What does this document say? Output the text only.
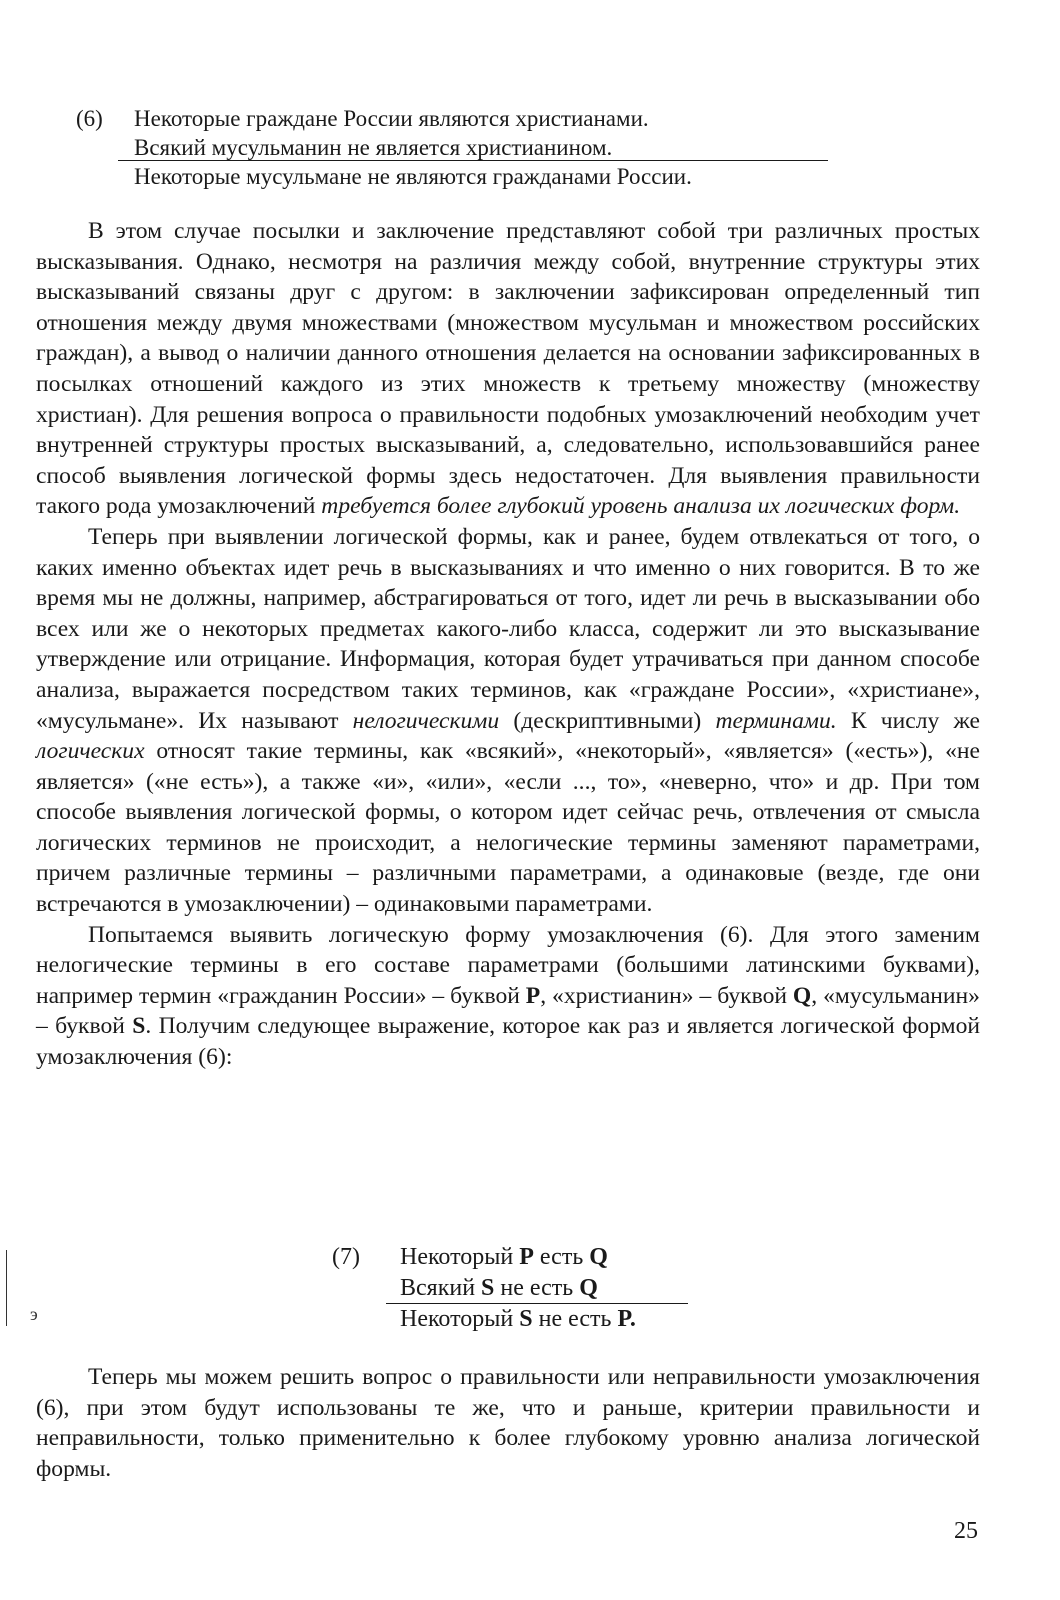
(6) Некоторые граждане России являются христианами.
Всякий мусульманин не является христианином.
Некоторые мусульмане не являются гражданами России.

В этом случае посылки и заключение представляют собой три различных простых высказывания. Однако, несмотря на различия между собой, внутренние структуры этих высказываний связаны друг с другом: в заключении зафиксирован определенный тип отношения между двумя множествами (множеством мусульман и множеством российских граждан), а вывод о наличии данного отношения делается на основании зафиксированных в посылках отношений каждого из этих множеств к третьему множеству (множеству христиан). Для решения вопроса о правильности подобных умозаключений необходим учет внутренней структуры простых высказываний, а, следовательно, использовавшийся ранее способ выявления логической формы здесь недостаточен. Для выявления правильности такого рода умозаключений требуется более глубокий уровень анализа их логических форм.

Теперь при выявлении логической формы, как и ранее, будем отвлекаться от того, о каких именно объектах идет речь в высказываниях и что именно о них говорится. В то же время мы не должны, например, абстрагироваться от того, идет ли речь в высказывании обо всех или же о некоторых предметах какого-либо класса, содержит ли это высказывание утверждение или отрицание. Информация, которая будет утрачиваться при данном способе анализа, выражается посредством таких терминов, как «граждане России», «христиане», «мусульмане». Их называют нелогическими (дескриптивными) терминами. К числу же логических относят такие термины, как «всякий», «некоторый», «является» («есть»), «не является» («не есть»), а также «и», «или», «если ..., то», «неверно, что» и др. При том способе выявления логической формы, о котором идет сейчас речь, отвлечения от смысла логических терминов не происходит, а нелогические термины заменяют параметрами, причем различные термины – различными параметрами, а одинаковые (везде, где они встречаются в умозаключении) – одинаковыми параметрами.

Попытаемся выявить логическую форму умозаключения (6). Для этого заменим нелогические термины в его составе параметрами (большими латинскими буквами), например термин «гражданин России» – буквой P, «христианин» – буквой Q, «мусульманин» – буквой S. Получим следующее выражение, которое как раз и является логической формой умозаключения (6):

(7) Некоторый P есть Q
Всякий S не есть Q
Некоторый S не есть P.
э

Теперь мы можем решить вопрос о правильности или неправильности умозаключения (6), при этом будут использованы те же, что и раньше, критерии правильности и неправильности, только применительно к более глубокому уровню анализа логической формы.

25
